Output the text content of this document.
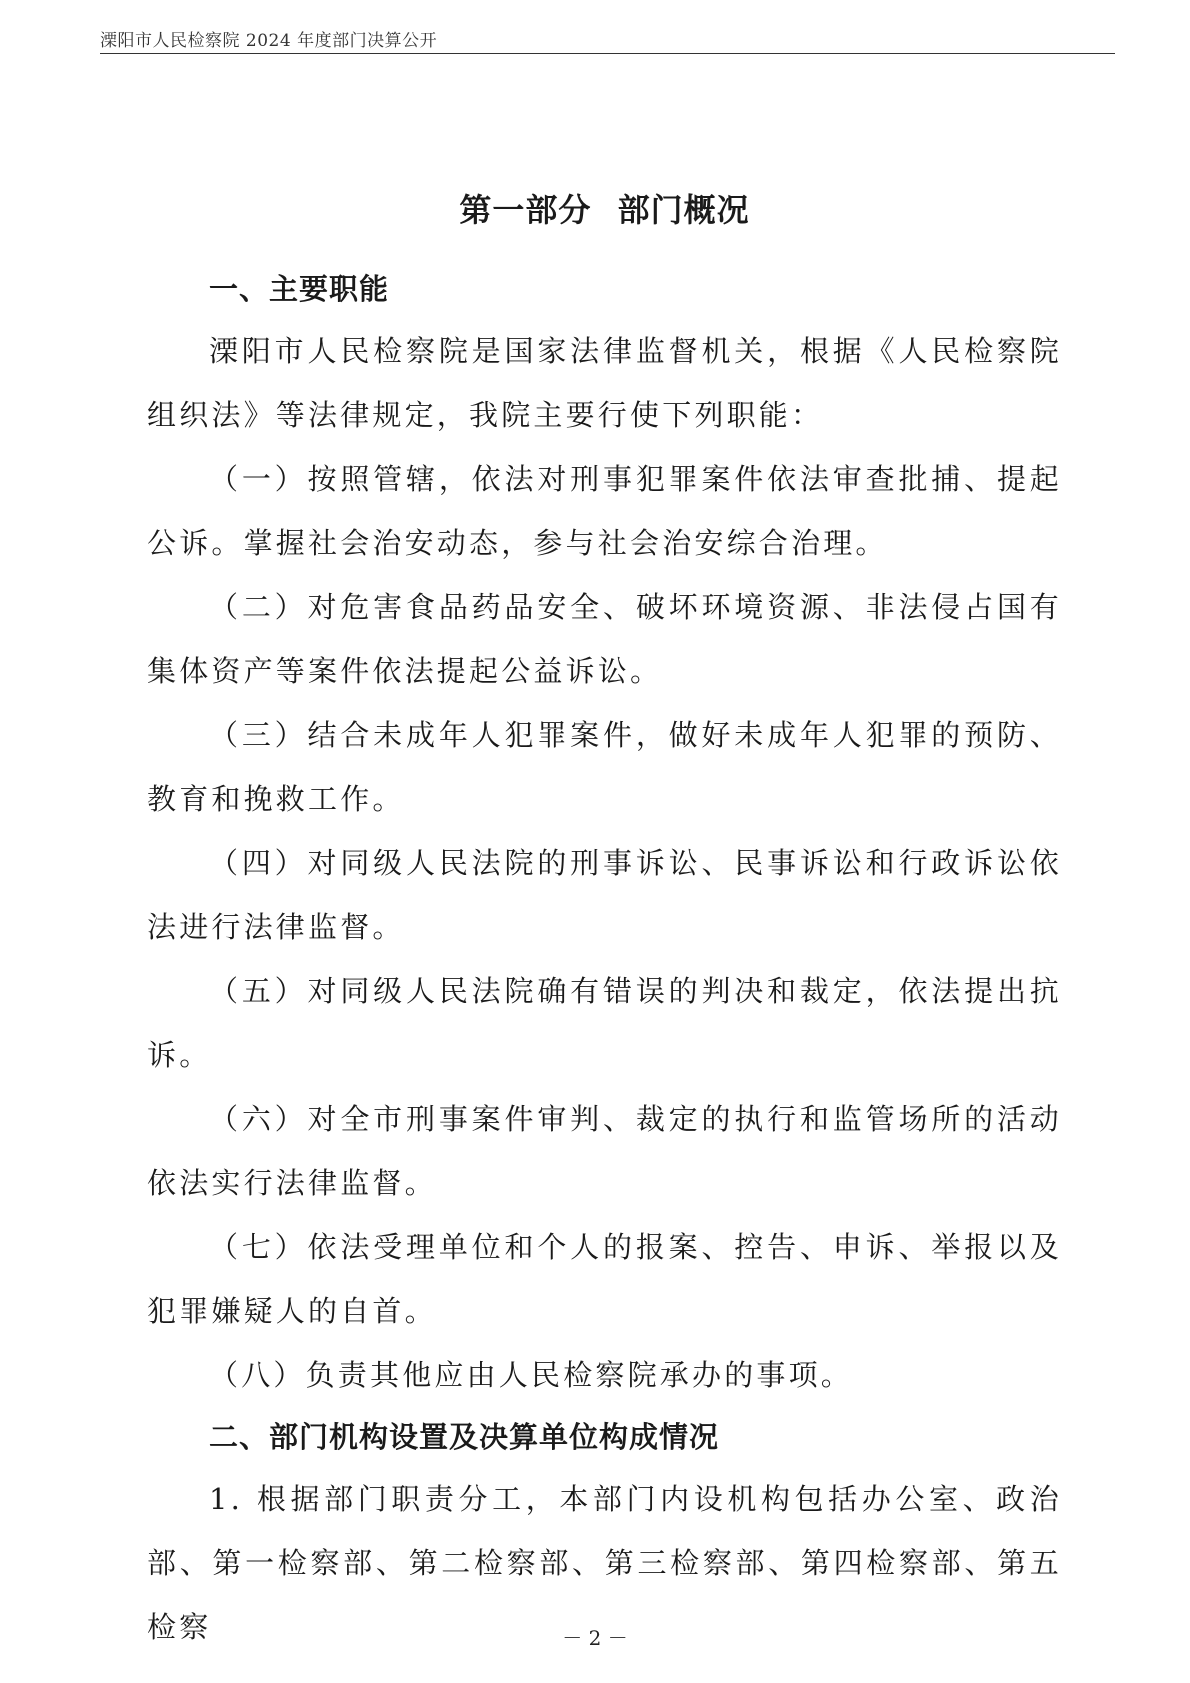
溧阳市人民检察院 2024 年度部门决算公开
第一部分 部门概况

一、主要职能

溧阳市人民检察院是国家法律监督机关，根据《人民检察院组织法》等法律规定，我院主要行使下列职能：

（一）按照管辖，依法对刑事犯罪案件依法审查批捕、提起公诉。掌握社会治安动态，参与社会治安综合治理。

（二）对危害食品药品安全、破坏环境资源、非法侵占国有集体资产等案件依法提起公益诉讼。

（三）结合未成年人犯罪案件，做好未成年人犯罪的预防、教育和挽救工作。

（四）对同级人民法院的刑事诉讼、民事诉讼和行政诉讼依法进行法律监督。

（五）对同级人民法院确有错误的判决和裁定，依法提出抗诉。

（六）对全市刑事案件审判、裁定的执行和监管场所的活动依法实行法律监督。

（七）依法受理单位和个人的报案、控告、申诉、举报以及犯罪嫌疑人的自首。

（八）负责其他应由人民检察院承办的事项。

二、部门机构设置及决算单位构成情况

1. 根据部门职责分工，本部门内设机构包括办公室、政治部、第一检察部、第二检察部、第三检察部、第四检察部、第五检察	－ 2 －
